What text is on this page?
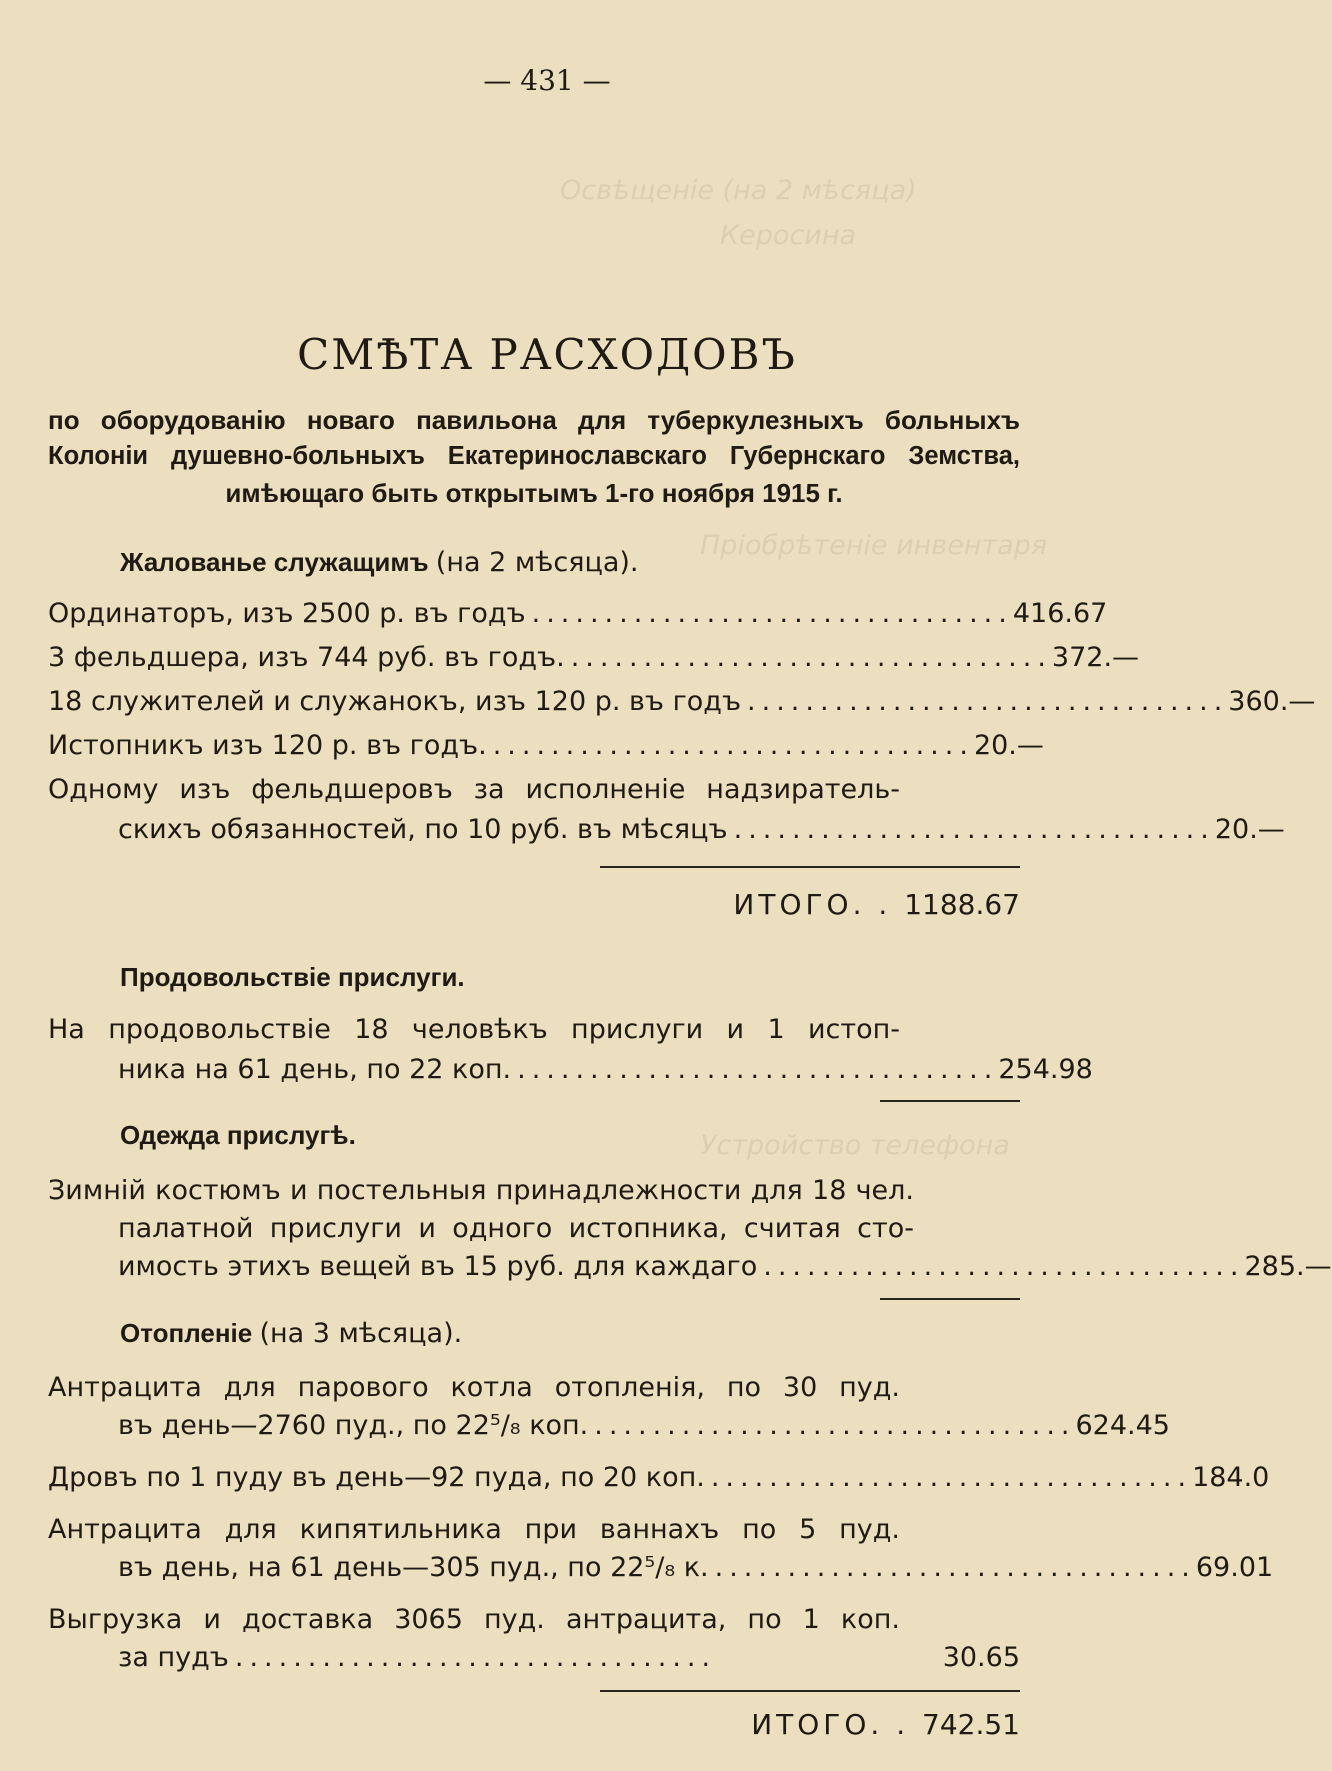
Освѣщеніе (на 2 мѣсяца)
Керосина
Пріобрѣтеніе инвентаря
Устройство телефона
— 431 —
СМѢТА РАСХОДОВЪ
по оборудованію новаго павильона для туберкулезныхъ больныхъ
Колоніи душевно-больныхъ Екатеринославскаго Губернскаго Земства,
имѣющаго быть открытымъ 1-го ноября 1915 г.
Жалованье служащимъ (на 2 мѣсяца).
Ординаторъ, изъ 2500 р. въ годъ ................................. 416.67
3 фельдшера, изъ 744 руб. въ годъ. ................................. 372.—
18 служителей и служанокъ, изъ 120 р. въ годъ ................................. 360.—
Истопникъ изъ 120 р. въ годъ. ................................. 20.—
Одному изъ фельдшеровъ за исполненіе надзиратель-
скихъ обязанностей, по 10 руб. въ мѣсяцъ ................................. 20.—
ИТОГО. . 1188.67
Продовольствіе прислуги.
На продовольствіе 18 человѣкъ прислуги и 1 истоп-
ника на 61 день, по 22 коп. ................................. 254.98
Одежда прислугѣ.
Зимній костюмъ и постельныя принадлежности для 18 чел.
палатной прислуги и одного истопника, считая сто-
имость этихъ вещей въ 15 руб. для каждаго ................................. 285.—
Отопленіе (на 3 мѣсяца).
Антрацита для парового котла отопленія, по 30 пуд.
въ день—2760 пуд., по 22⁵/₈ коп. ................................. 624.45
Дровъ по 1 пуду въ день—92 пуда, по 20 коп. ................................. 184.0
Антрацита для кипятильника при ваннахъ по 5 пуд.
въ день, на 61 день—305 пуд., по 22⁵/₈ к. ................................. 69.01
Выгрузка и доставка 3065 пуд. антрацита, по 1 коп.
за пудъ .................................	30.65
ИТОГО. . 742.51
